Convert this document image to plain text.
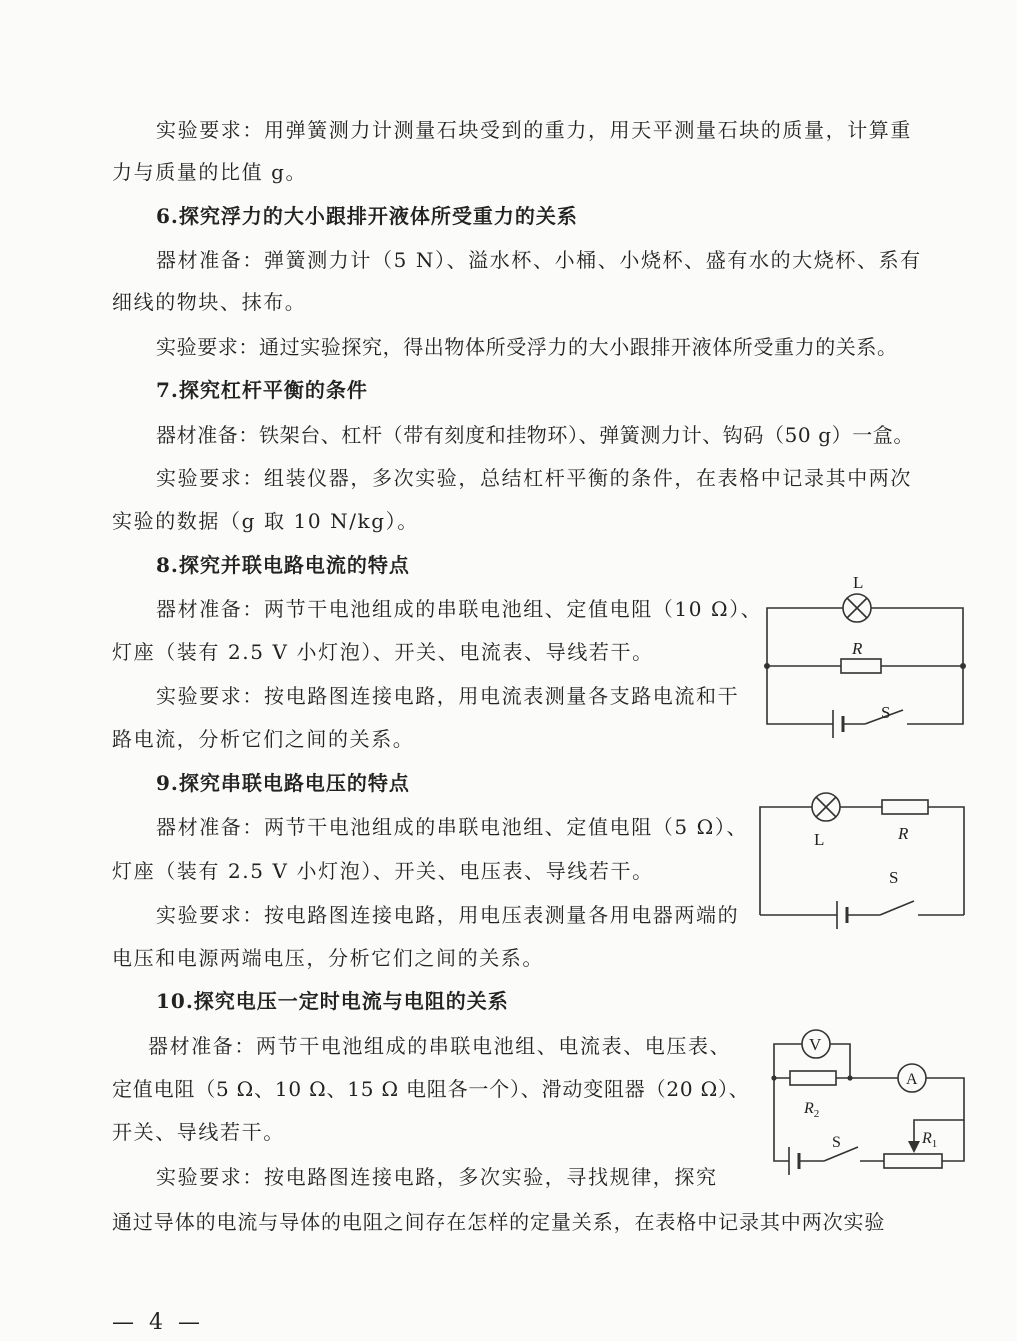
实验要求：用弹簧测力计测量石块受到的重力，用天平测量石块的质量，计算重
力与质量的比值 g。
6.探究浮力的大小跟排开液体所受重力的关系
器材准备：弹簧测力计（5 N）、溢水杯、小桶、小烧杯、盛有水的大烧杯、系有
细线的物块、抹布。
实验要求：通过实验探究，得出物体所受浮力的大小跟排开液体所受重力的关系。
7.探究杠杆平衡的条件
器材准备：铁架台、杠杆（带有刻度和挂物环）、弹簧测力计、钩码（50 g）一盒。
实验要求：组装仪器，多次实验，总结杠杆平衡的条件，在表格中记录其中两次
实验的数据（g 取 10 N/kg）。
8.探究并联电路电流的特点
器材准备：两节干电池组成的串联电池组、定值电阻（10 Ω）、
灯座（装有 2.5 V 小灯泡）、开关、电流表、导线若干。
实验要求：按电路图连接电路，用电流表测量各支路电流和干
路电流，分析它们之间的关系。
L
R
S
9.探究串联电路电压的特点
器材准备：两节干电池组成的串联电池组、定值电阻（5 Ω）、
灯座（装有 2.5 V 小灯泡）、开关、电压表、导线若干。
实验要求：按电路图连接电路，用电压表测量各用电器两端的
电压和电源两端电压，分析它们之间的关系。
L	R
S
10.探究电压一定时电流与电阻的关系
器材准备：两节干电池组成的串联电池组、电流表、电压表、
定值电阻（5 Ω、10 Ω、15 Ω 电阻各一个）、滑动变阻器（20 Ω）、
开关、导线若干。
实验要求：按电路图连接电路，多次实验，寻找规律，探究
通过导体的电流与导体的电阻之间存在怎样的定量关系，在表格中记录其中两次实验
V
A
$R_2$
$R_1$
S
— 4 —
